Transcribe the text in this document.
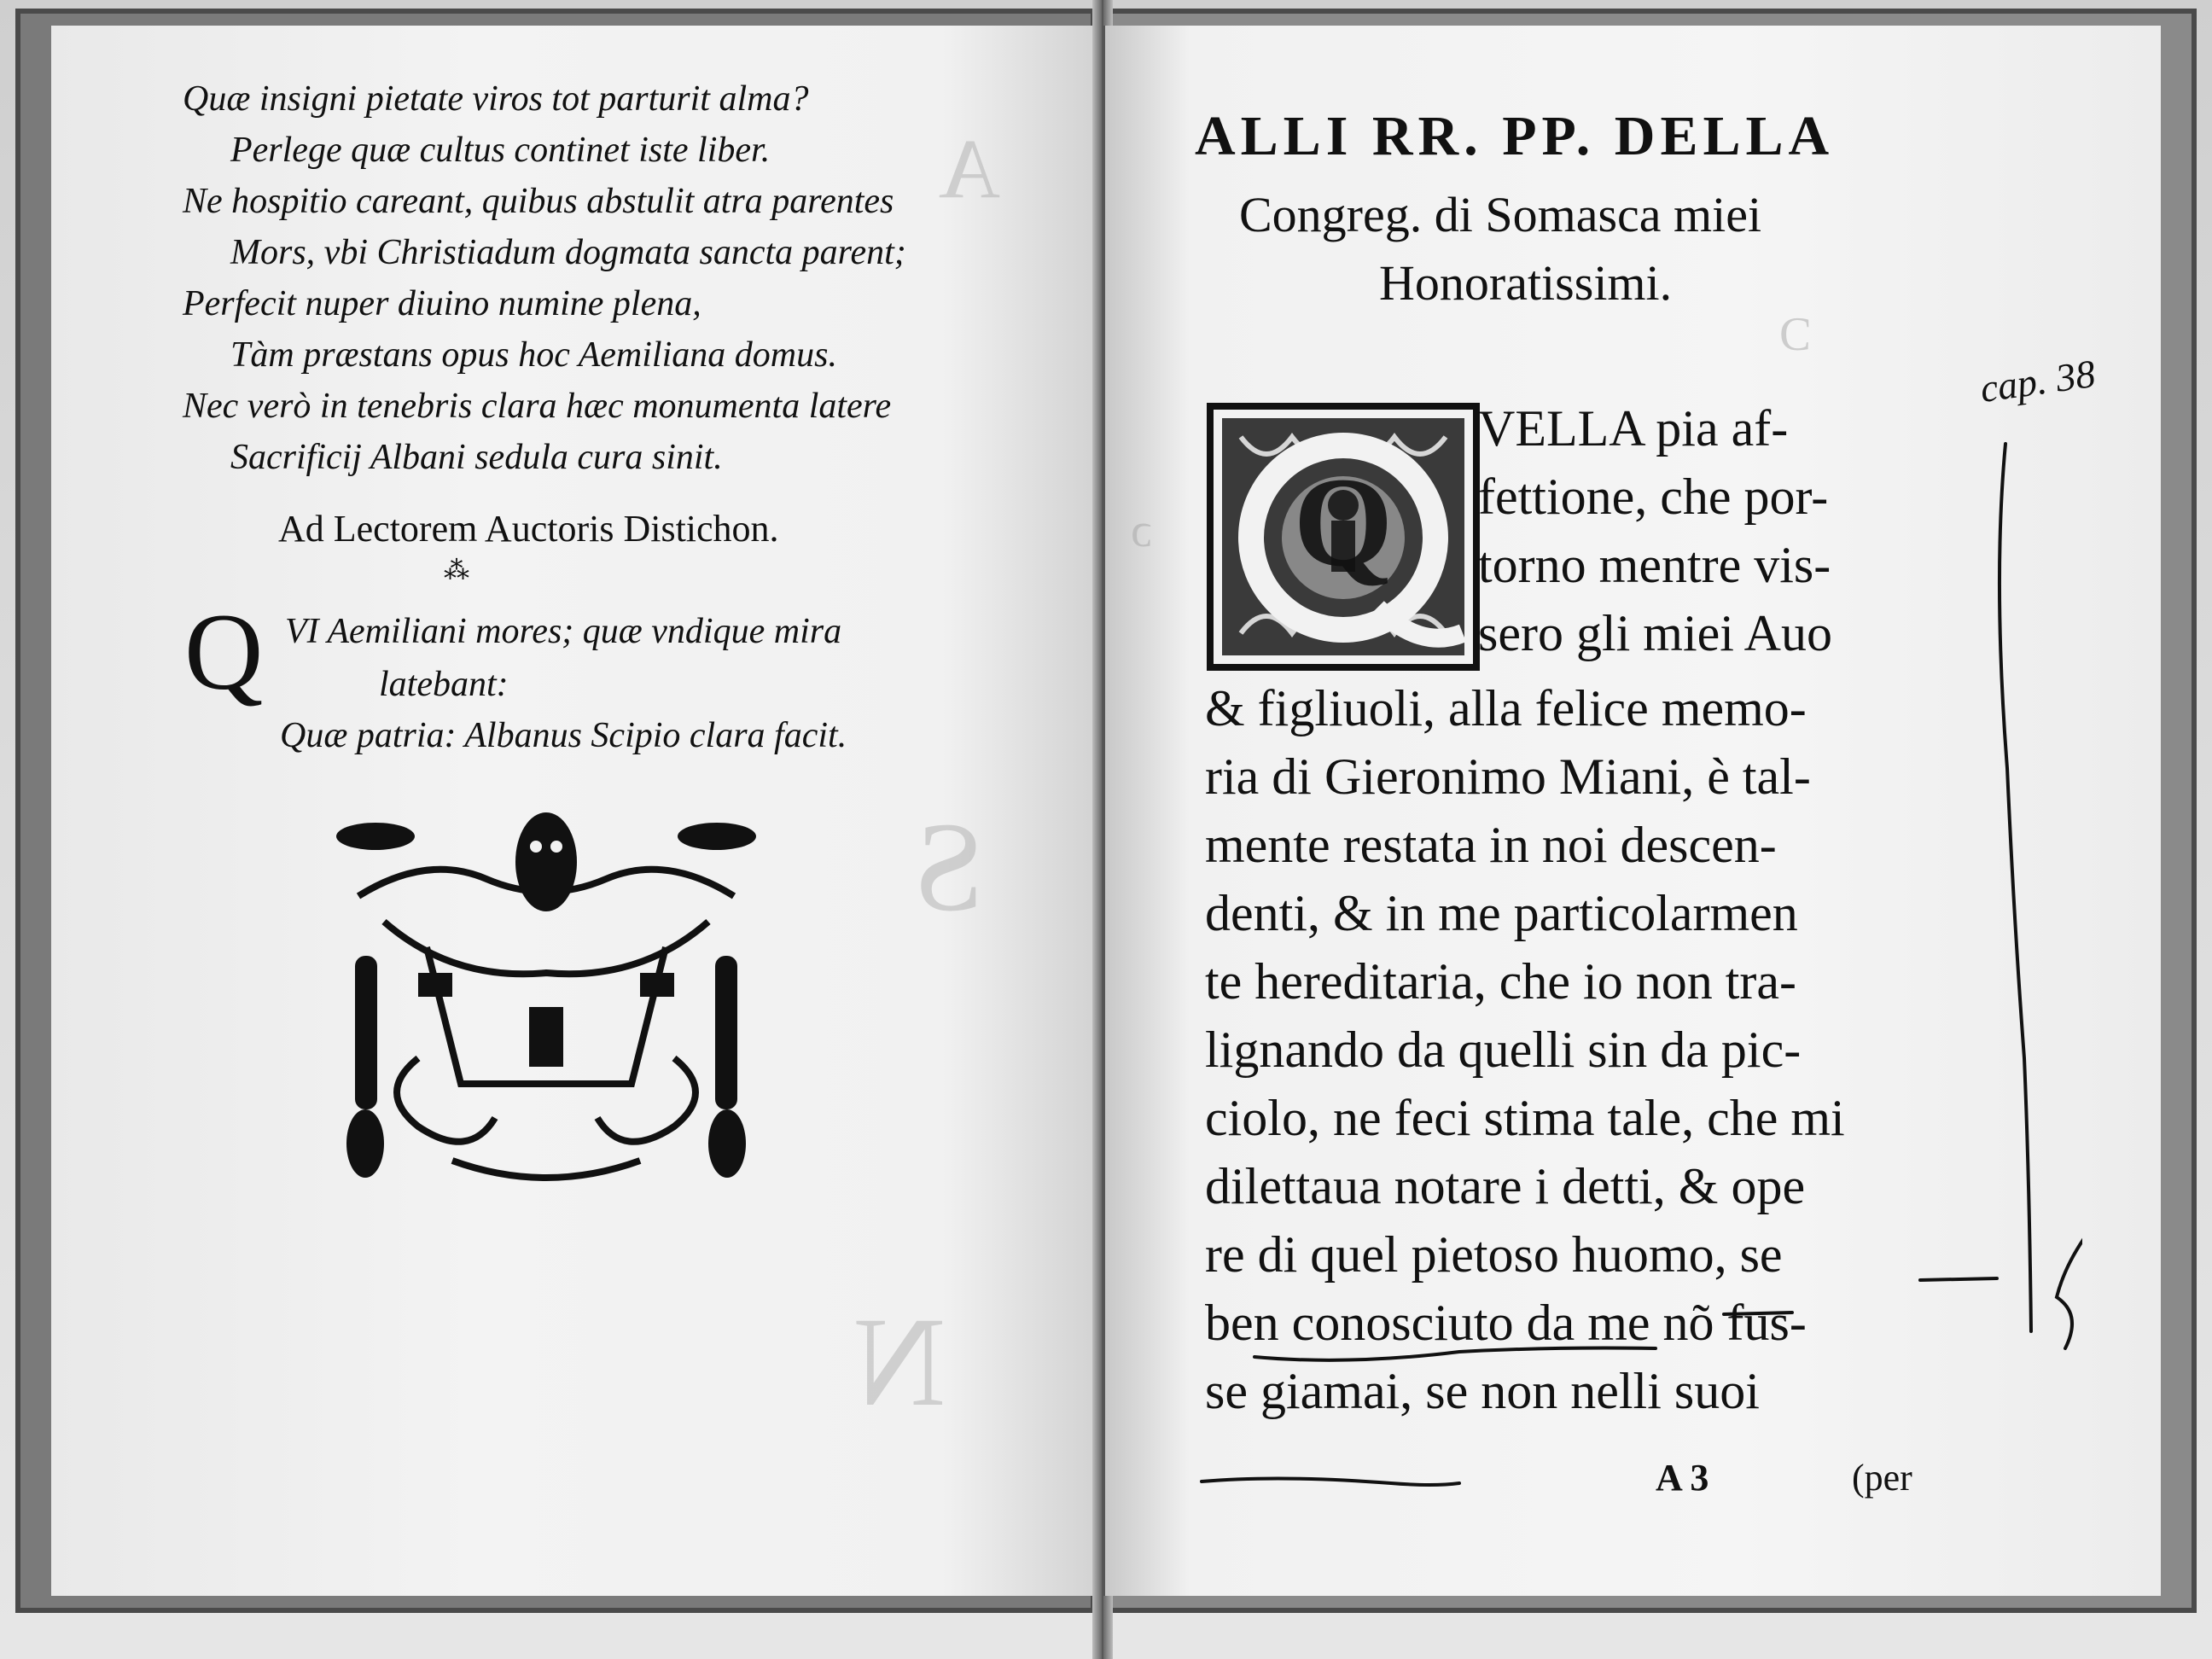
S
N
A
Quæ insigni pietate viros tot parturit alma?
Perlege quæ cultus continet iste liber.
Ne hospitio careant, quibus abstulit atra parentes
Mors, vbi Christiadum dogmata sancta parent;
Perfecit nuper diuino numine plena,
Tàm præstans opus hoc Aemiliana domus.
Nec verò in tenebris clara hæc monumenta latere
Sacrificij Albani sedula cura sinit.
Ad Lectorem Auctoris Distichon.
⁂
Q VI Aemiliani mores; quæ vndique mira
latebant:
Quæ patria: Albanus Scipio clara facit.
Ɔ
ɔ
ALLI RR. PP. DELLA
Congreg. di Somasca miei
Honoratissimi.
Q
VELLA pia af-
fettione, che por-
torno mentre vis-
sero gli miei Auo
& figliuoli, alla felice memo-
ria di Gieronimo Miani, è tal-
mente restata in noi descen-
denti, & in me particolarmen
te hereditaria, che io non tra-
lignando da quelli sin da pic-
ciolo, ne feci stima tale, che mi
dilettaua notare i detti, & ope
re di quel pietoso huomo, se
ben conosciuto da me nõ fus-
se giamai, se non nelli suoi
A 3	(per
cap. 38
